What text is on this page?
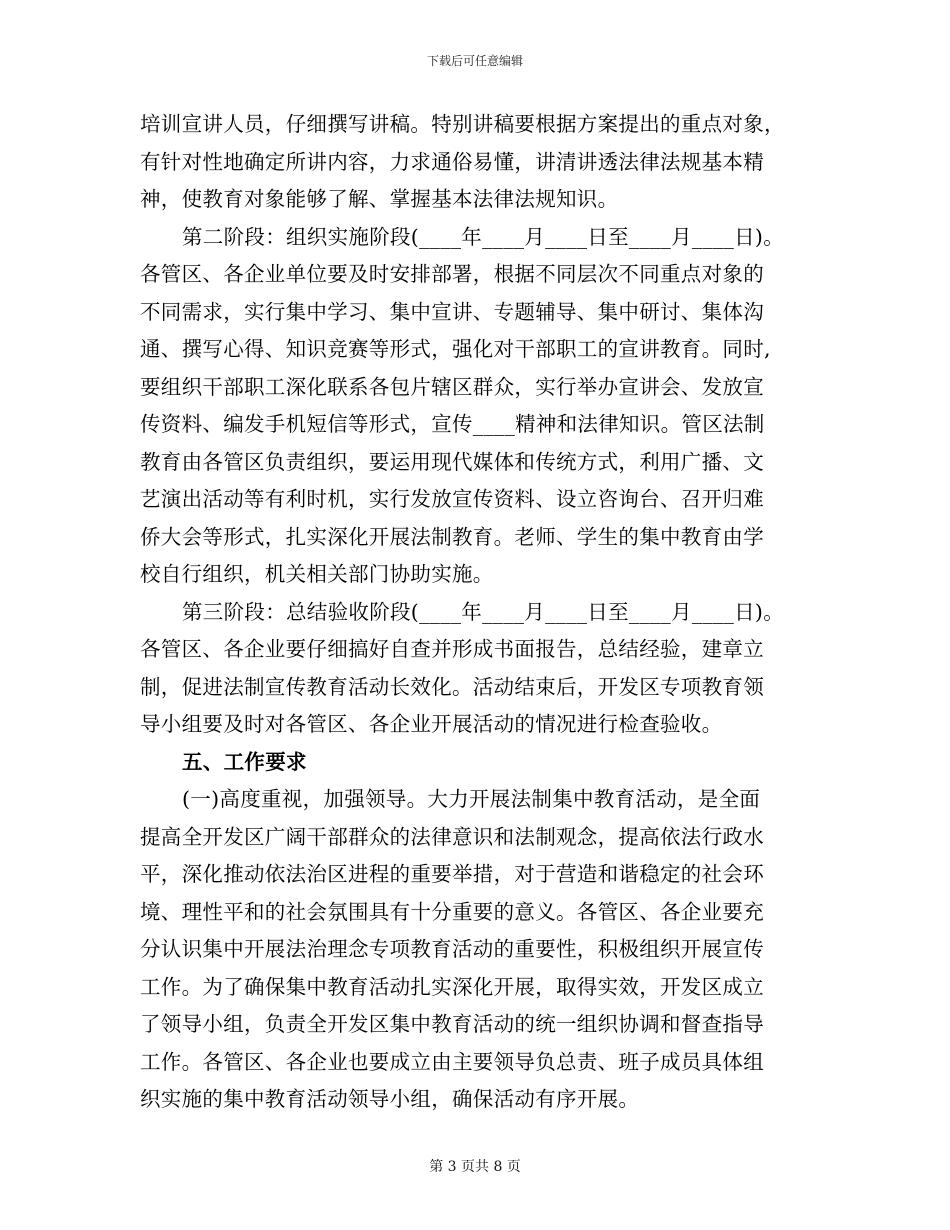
下载后可任意编辑
培训宣讲人员，仔细撰写讲稿。特别讲稿要根据方案提出的重点对象，
有针对性地确定所讲内容，力求通俗易懂，讲清讲透法律法规基本精
神，使教育对象能够了解、掌握基本法律法规知识。
第二阶段：组织实施阶段(____年____月____日至____月____日)。
各管区、各企业单位要及时安排部署，根据不同层次不同重点对象的
不同需求，实行集中学习、集中宣讲、专题辅导、集中研讨、集体沟
通、撰写心得、知识竞赛等形式，强化对干部职工的宣讲教育。同时,
要组织干部职工深化联系各包片辖区群众，实行举办宣讲会、发放宣
传资料、编发手机短信等形式，宣传____精神和法律知识。管区法制
教育由各管区负责组织，要运用现代媒体和传统方式，利用广播、文
艺演出活动等有利时机，实行发放宣传资料、设立咨询台、召开归难
侨大会等形式，扎实深化开展法制教育。老师、学生的集中教育由学
校自行组织，机关相关部门协助实施。
第三阶段：总结验收阶段(____年____月____日至____月____日)。
各管区、各企业要仔细搞好自查并形成书面报告，总结经验，建章立
制，促进法制宣传教育活动长效化。活动结束后，开发区专项教育领
导小组要及时对各管区、各企业开展活动的情况进行检查验收。
五、工作要求
(一)高度重视，加强领导。大力开展法制集中教育活动，是全面
提高全开发区广阔干部群众的法律意识和法制观念，提高依法行政水
平，深化推动依法治区进程的重要举措，对于营造和谐稳定的社会环
境、理性平和的社会氛围具有十分重要的意义。各管区、各企业要充
分认识集中开展法治理念专项教育活动的重要性，积极组织开展宣传
工作。为了确保集中教育活动扎实深化开展，取得实效，开发区成立
了领导小组，负责全开发区集中教育活动的统一组织协调和督查指导
工作。各管区、各企业也要成立由主要领导负总责、班子成员具体组
织实施的集中教育活动领导小组，确保活动有序开展。
第 3 页共 8 页
